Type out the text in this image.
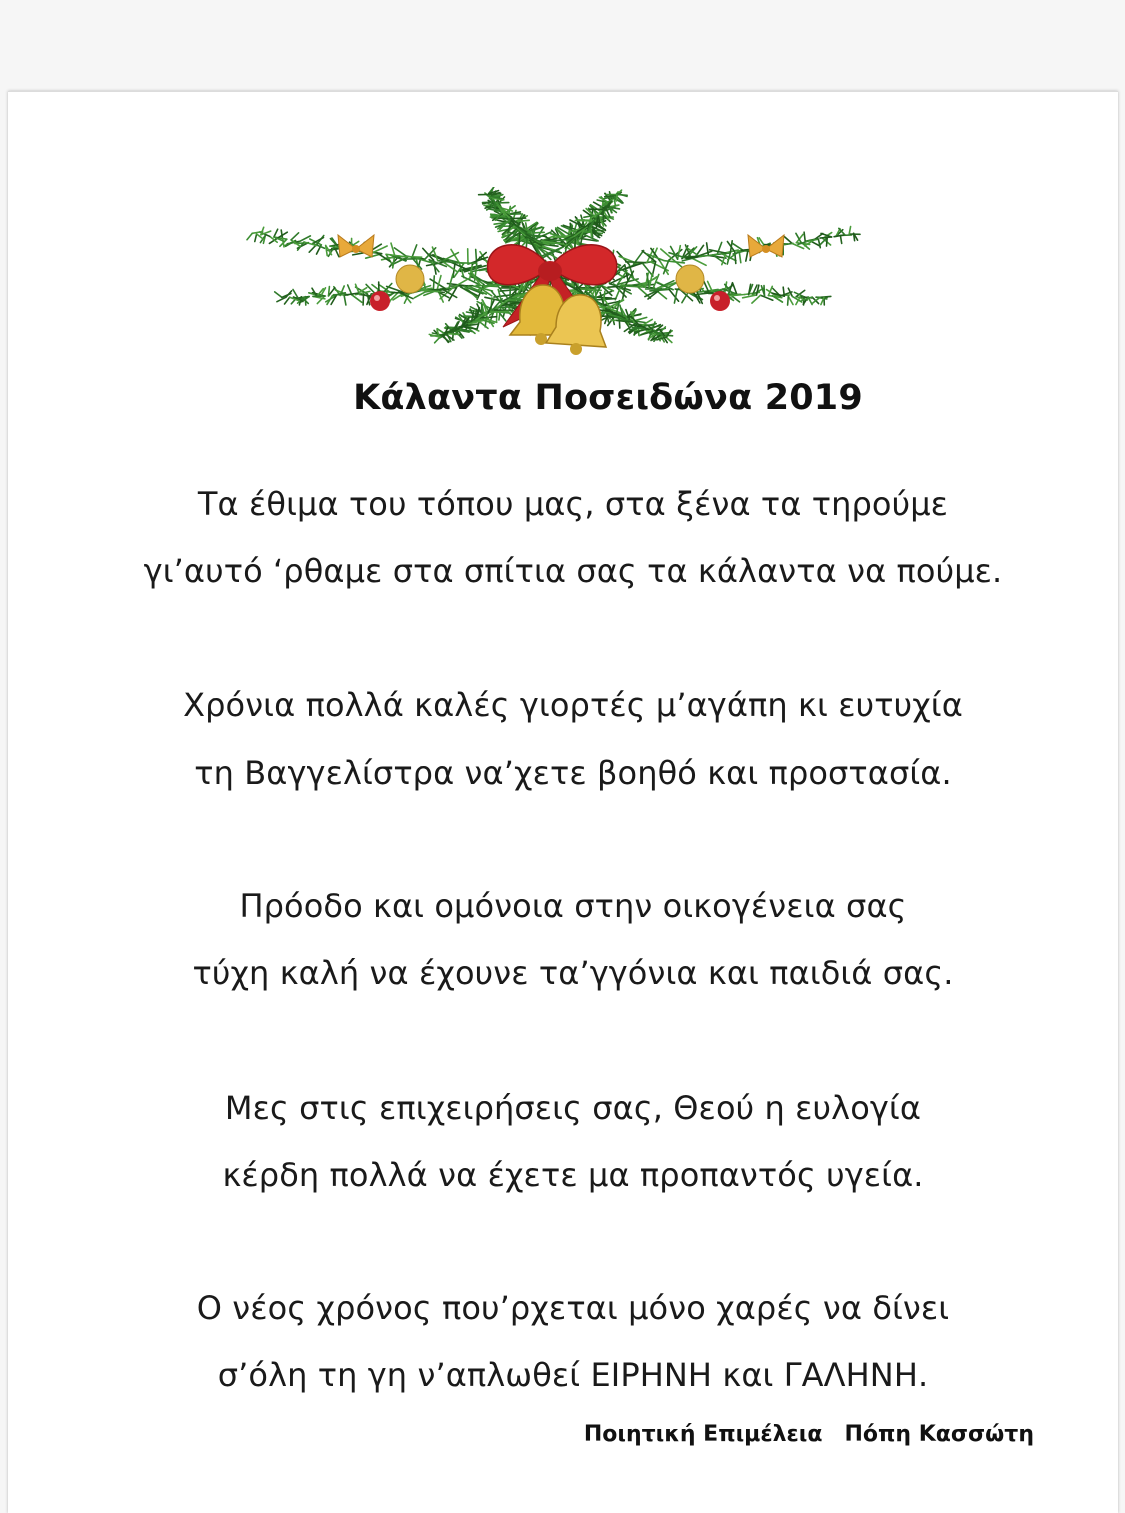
Κάλαντα Ποσειδώνα 2019
Τα έθιμα του τόπου μας, στα ξένα τα τηρούμε
γι’αυτό ‘ρθαμε στα σπίτια σας τα κάλαντα να πούμε.
Χρόνια πολλά καλές γιορτές μ’αγάπη κι ευτυχία
τη Βαγγελίστρα να’χετε βοηθό και προστασία.
Πρόοδο και ομόνοια στην οικογένεια σας
τύχη καλή να έχουνε τα’γγόνια και παιδιά σας.
Μες στις επιχειρήσεις σας, Θεού η ευλογία
κέρδη πολλά να έχετε μα προπαντός υγεία.
Ο νέος χρόνος που’ρχεται μόνο χαρές να δίνει
σ’όλη τη γη ν’απλωθεί ΕΙΡΗΝΗ και ΓΑΛΗΝΗ.
Ποιητική Επιμέλεια Πόπη Κασσώτη
